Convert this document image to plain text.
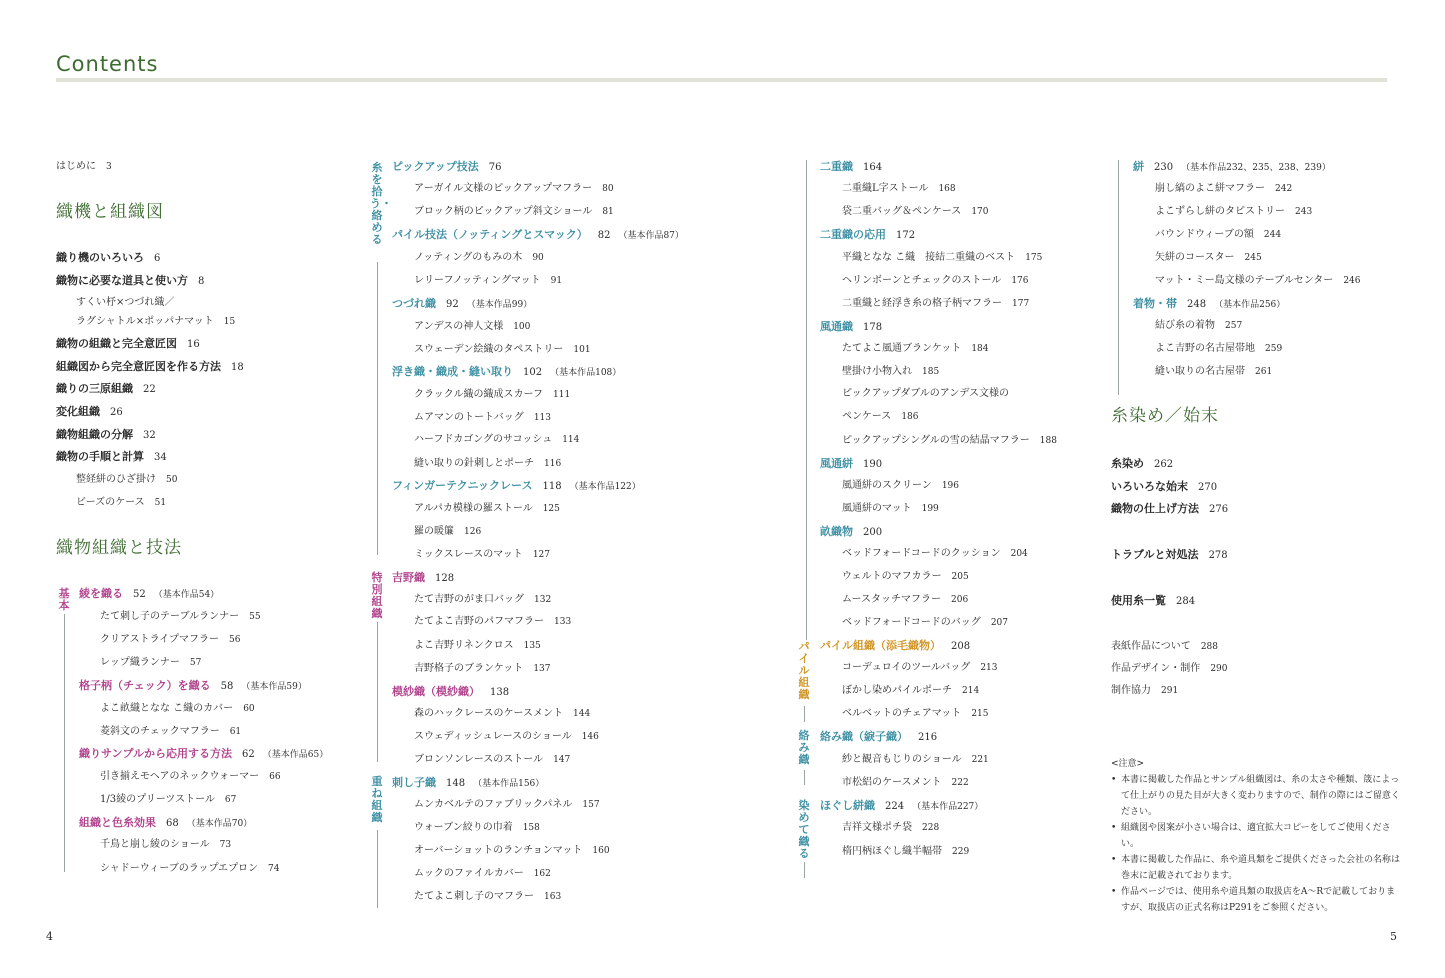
Contents
はじめに 3
織機と組織図
織り機のいろいろ 6
織物に必要な道具と使い方 8
すくい杼×つづれ織／
ラグシャトル×ポッパナマット 15
織物の組織と完全意匠図 16
組織図から完全意匠図を作る方法 18
織りの三原組織 22
変化組織 26
織物組織の分解 32
織物の手順と計算 34
整経絣のひざ掛け 50
ビーズのケース 51
織物組織と技法
綾を織る 52 （基本作品54）
たて刺し子のテーブルランナー 55
クリアストライプマフラー 56
レップ織ランナー 57
格子柄（チェック）を織る 58 （基本作品59）
よこ畝織となな こ織のカバー 60
菱斜文のチェックマフラー 61
織りサンプルから応用する方法 62 （基本作品65）
引き揃えモヘアのネックウォーマー 66
1/3綾のプリーツストール 67
組織と色糸効果 68 （基本作品70）
千鳥と崩し綾のショール 73
シャドーウィーブのラップエプロン 74
ピックアップ技法 76
アーガイル文様のピックアップマフラー 80
ブロック柄のピックアップ斜文ショール 81
パイル技法（ノッティングとスマック） 82 （基本作品87）
ノッティングのもみの木 90
レリーフノッティングマット 91
つづれ織 92 （基本作品99）
アンデスの神人文様 100
スウェーデン絵織のタペストリー 101
浮き織・織成・縫い取り 102 （基本作品108）
クラックル織の織成スカーフ 111
ムアマンのトートバッグ 113
ハーフドカゴングのサコッシュ 114
縫い取りの針刺しとポーチ 116
フィンガーテクニックレース 118 （基本作品122）
アルパカ模様の羅ストール 125
羅の暖簾 126
ミックスレースのマット 127
吉野織 128
たて吉野のがま口バッグ 132
たてよこ吉野のパフマフラー 133
よこ吉野リネンクロス 135
吉野格子のブランケット 137
模紗織（模紗織） 138
森のハックレースのケースメント 144
スウェディッシュレースのショール 146
ブロンソンレースのストール 147
刺し子織 148 （基本作品156）
ムンカベルテのファブリックパネル 157
ウォーブン絞りの巾着 158
オーバーショットのランチョンマット 160
ムックのファイルカバー 162
たてよこ刺し子のマフラー 163
二重織 164
二重織L字ストール 168
袋二重バッグ＆ペンケース 170
二重織の応用 172
平織となな こ織　接結二重織のベスト 175
ヘリンボーンとチェックのストール 176
二重織と経浮き糸の格子柄マフラー 177
風通織 178
たてよこ風通ブランケット 184
壁掛け小物入れ 185
ピックアップダブルのアンデス文様の
ペンケース 186
ピックアップシングルの雪の結晶マフラー 188
風通絣 190
風通絣のスクリーン 196
風通絣のマット 199
畝織物 200
ベッドフォードコードのクッション 204
ウェルトのマフカラー 205
ムースタッチマフラー 206
ベッドフォードコードのバッグ 207
パイル組織（添毛織物） 208
コーデュロイのツールバッグ 213
ぼかし染めパイルポーチ 214
ベルベットのチェアマット 215
絡み織（綟子織） 216
紗と観音もじりのショール 221
市松絽のケースメント 222
ほぐし絣織 224 （基本作品227）
吉祥文様ポチ袋 228
楕円柄ほぐし織半幅帯 229
絣 230 （基本作品232、235、238、239）
崩し縞のよこ絣マフラー 242
よこずらし絣のタピストリー 243
バウンドウィーブの額 244
矢絣のコースター 245
マット・ミー島文様のテーブルセンター 246
着物・帯 248 （基本作品256）
結び糸の着物 257
よこ吉野の名古屋帯地 259
縫い取りの名古屋帯 261
糸染め／始末
糸染め 262
いろいろな始末 270
織物の仕上げ方法 276
トラブルと対処法 278
使用糸一覧 284
表紙作品について 288
作品デザイン・制作 290
制作協力 291
基本
糸を拾う・絡める
特別組織
重ね組織
パイル組織
絡み織
染めて織る
<注意>
• 本書に掲載した作品とサンプル組織図は、糸の太さや種類、筬によって仕上がりの見た目が大きく変わりますので、制作の際にはご留意ください。
• 組織図や図案が小さい場合は、適宜拡大コピーをしてご使用ください。
• 本書に掲載した作品に、糸や道具類をご提供くださった会社の名称は巻末に記載されております。
• 作品ページでは、使用糸や道具類の取扱店をA〜Rで記載しておりますが、取扱店の正式名称はP291をご参照ください。
4	5
